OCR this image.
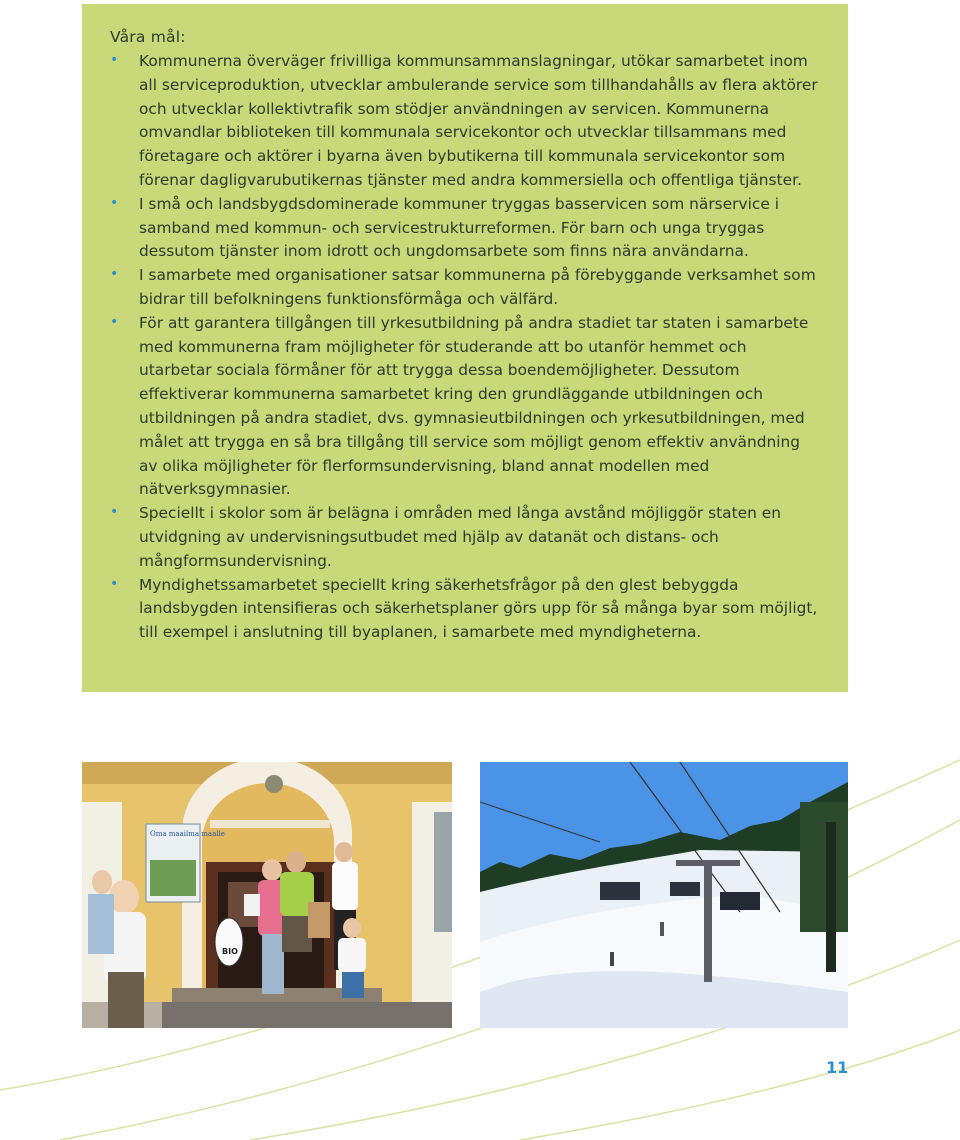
Våra mål:
• Kommunerna överväger frivilliga kommunsammanslagningar, utökar samarbetet inom all serviceproduktion, utvecklar ambulerande service som tillhandahålls av flera aktörer och utvecklar kollektivtrafik som stödjer användningen av servicen. Kommunerna omvandlar biblioteken till kommunala servicekontor och utvecklar tillsammans med företagare och aktörer i byarna även bybutikerna till kommunala servicekontor som förenar dagligvarubutikernas tjänster med andra kommersiella och offentliga tjänster.
• I små och landsbygdsdominerade kommuner tryggas basservicen som närservice i samband med kommun- och servicestrukturreformen. För barn och unga tryggas dessutom tjänster inom idrott och ungdomsarbete som finns nära användarna.
• I samarbete med organisationer satsar kommunerna på förebyggande verksamhet som bidrar till befolkningens funktionsförmåga och välfärd.
• För att garantera tillgången till yrkesutbildning på andra stadiet tar staten i samarbete med kommunerna fram möjligheter för studerande att bo utanför hemmet och utarbetar sociala förmåner för att trygga dessa boendemöjligheter. Dessutom effektiverar kommunerna samarbetet kring den grundläggande utbildningen och utbildningen på andra stadiet, dvs. gymnasieutbildningen och yrkesutbildningen, med målet att trygga en så bra tillgång till service som möjligt genom effektiv användning av olika möjligheter för flerformsundervisning, bland annat modellen med nätverksgymnasier.
• Speciellt i skolor som är belägna i områden med långa avstånd möjliggör staten en utvidgning av undervisningsutbudet med hjälp av datanät och distans- och mångformsundervisning.
• Myndighetssamarbetet speciellt kring säkerhetsfrågor på den glest bebyggda landsbygden intensifieras och säkerhetsplaner görs upp för så många byar som möjligt, till exempel i anslutning till byaplanen, i samarbete med myndigheterna.
Oma maailma maalle
BIO
11
